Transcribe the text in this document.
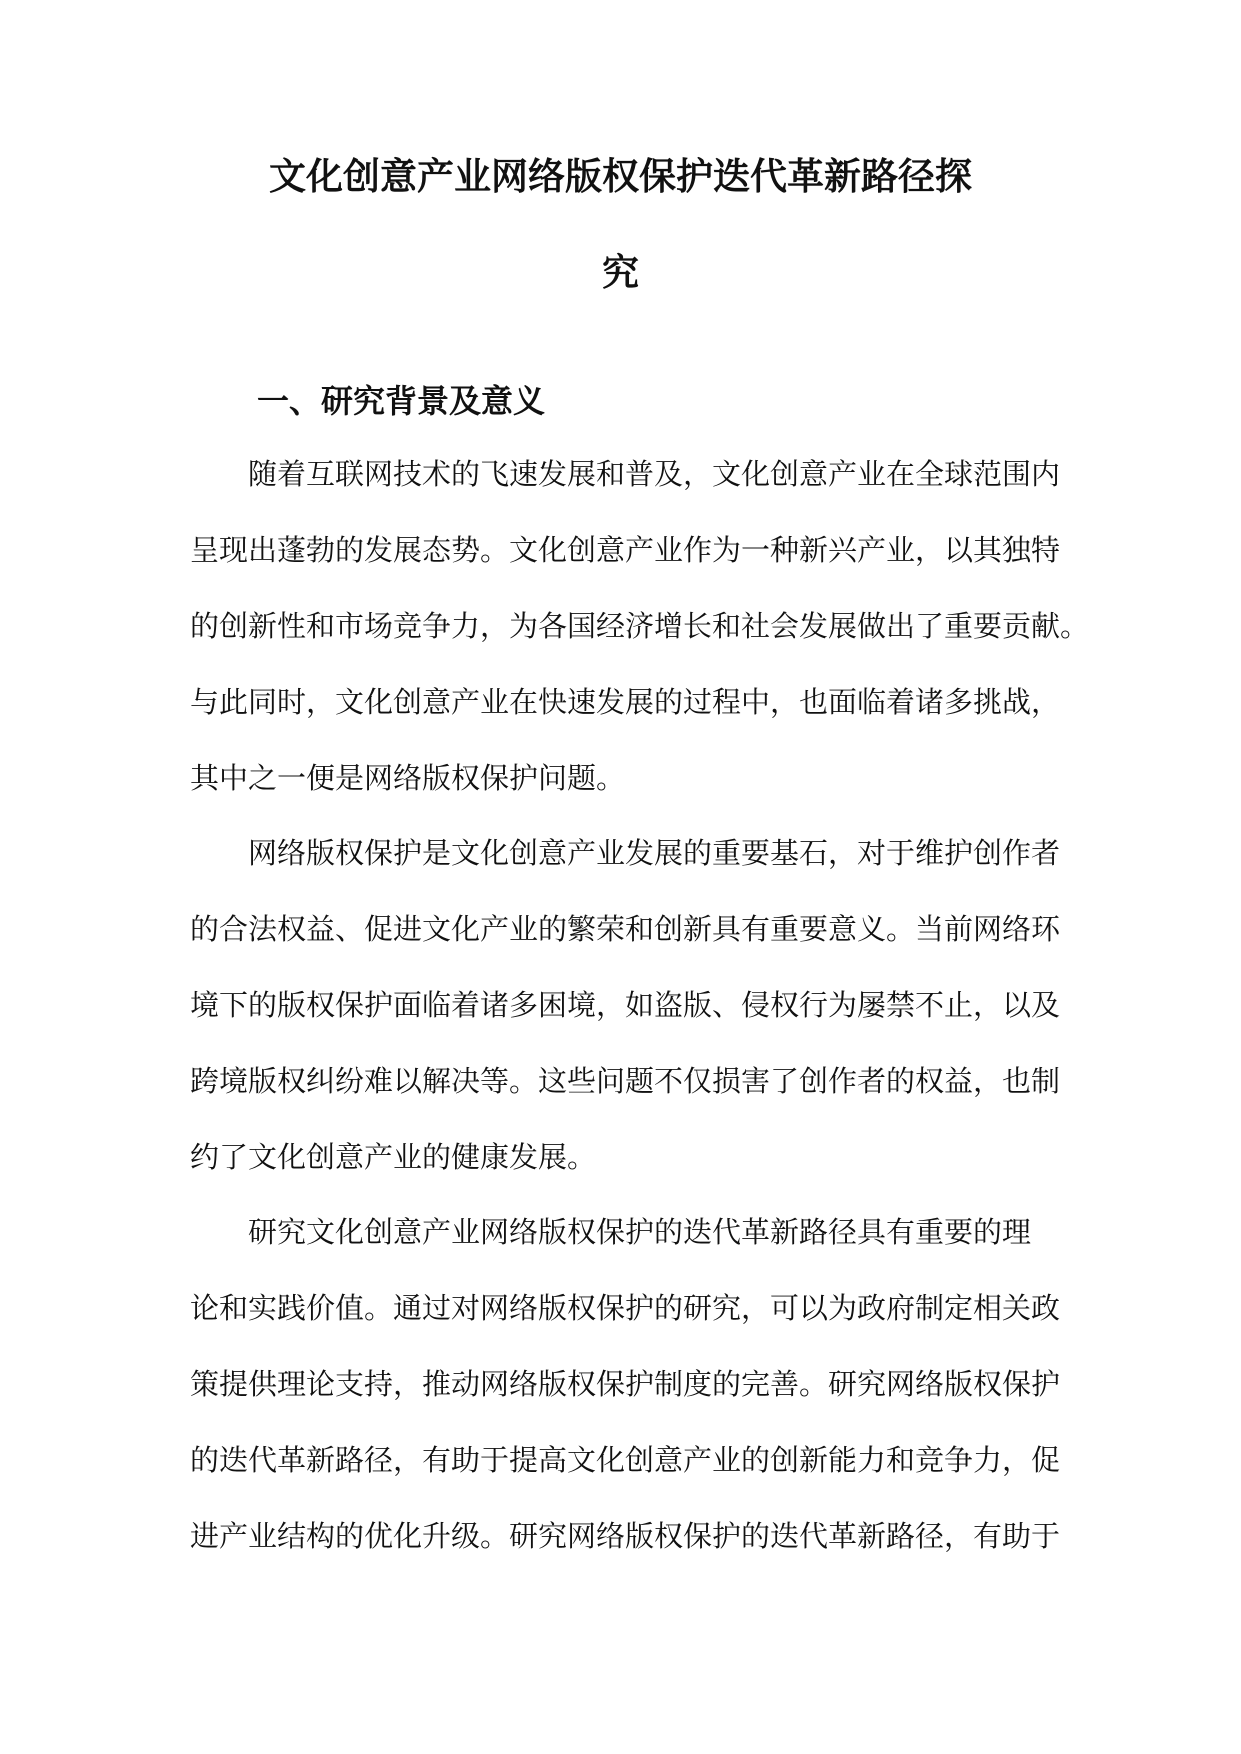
文化创意产业网络版权保护迭代革新路径探
究
一、研究背景及意义
　　随着互联网技术的飞速发展和普及，文化创意产业在全球范围内
呈现出蓬勃的发展态势。文化创意产业作为一种新兴产业，以其独特
的创新性和市场竞争力，为各国经济增长和社会发展做出了重要贡献。
与此同时，文化创意产业在快速发展的过程中，也面临着诸多挑战，
其中之一便是网络版权保护问题。
　　网络版权保护是文化创意产业发展的重要基石，对于维护创作者
的合法权益、促进文化产业的繁荣和创新具有重要意义。当前网络环
境下的版权保护面临着诸多困境，如盗版、侵权行为屡禁不止，以及
跨境版权纠纷难以解决等。这些问题不仅损害了创作者的权益，也制
约了文化创意产业的健康发展。
　　研究文化创意产业网络版权保护的迭代革新路径具有重要的理
论和实践价值。通过对网络版权保护的研究，可以为政府制定相关政
策提供理论支持，推动网络版权保护制度的完善。研究网络版权保护
的迭代革新路径，有助于提高文化创意产业的创新能力和竞争力，促
进产业结构的优化升级。研究网络版权保护的迭代革新路径，有助于
